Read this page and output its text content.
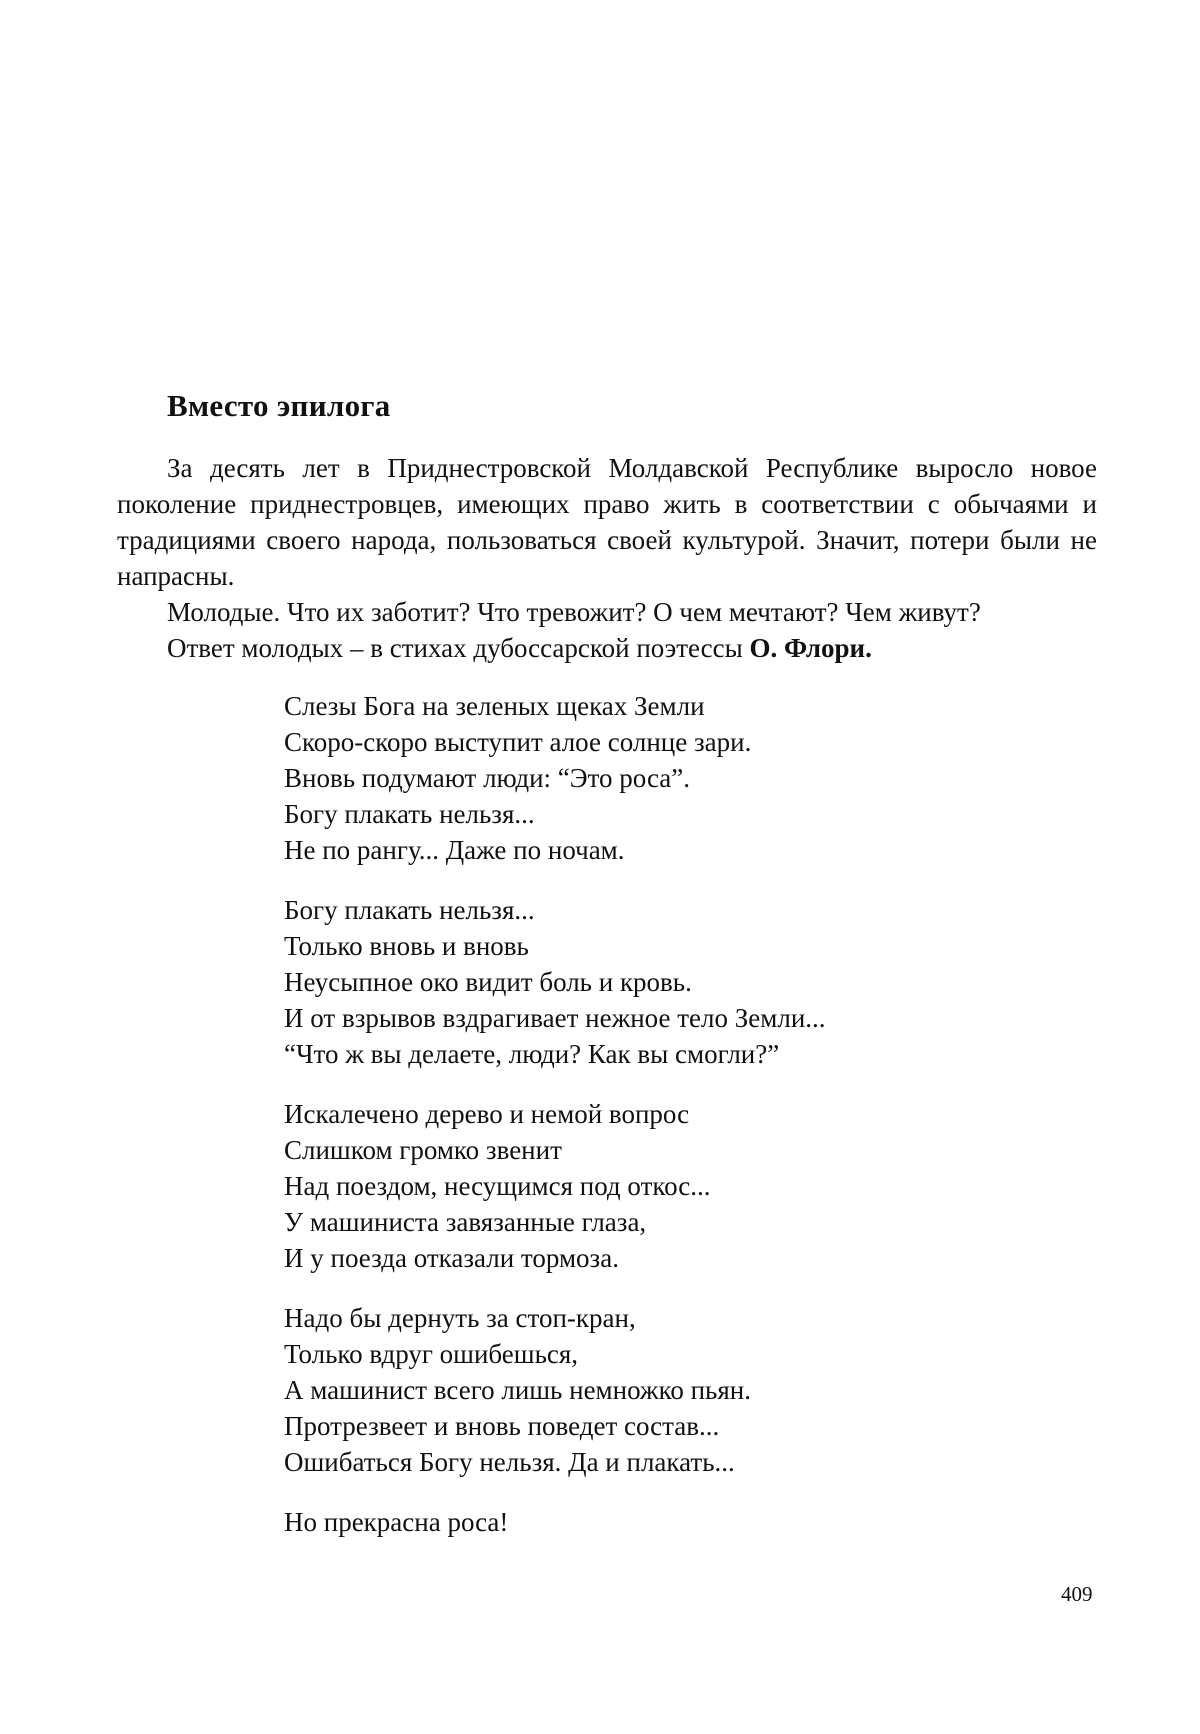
Вместо эпилога

За десять лет в Приднестровской Молдавской Республике выросло новое поколение приднестровцев, имеющих право жить в соответствии с обычаями и традициями своего народа, пользоваться своей культурой. Значит, потери были не напрасны.

Молодые. Что их заботит? Что тревожит? О чем мечтают? Чем живут?

Ответ молодых – в стихах дубоссарской поэтессы О. Флори.

Слезы Бога на зеленых щеках Земли
Скоро-скоро выступит алое солнце зари.
Вновь подумают люди: “Это роса”.
Богу плакать нельзя...
Не по рангу... Даже по ночам.
Богу плакать нельзя...
Только вновь и вновь
Неусыпное око видит боль и кровь.
И от взрывов вздрагивает нежное тело Земли...
“Что ж вы делаете, люди? Как вы смогли?”
Искалечено дерево и немой вопрос
Слишком громко звенит
Над поездом, несущимся под откос...
У машиниста завязанные глаза,
И у поезда отказали тормоза.
Надо бы дернуть за стоп-кран,
Только вдруг ошибешься,
А машинист всего лишь немножко пьян.
Протрезвеет и вновь поведет состав...
Ошибаться Богу нельзя. Да и плакать...
Но прекрасна роса!
409
